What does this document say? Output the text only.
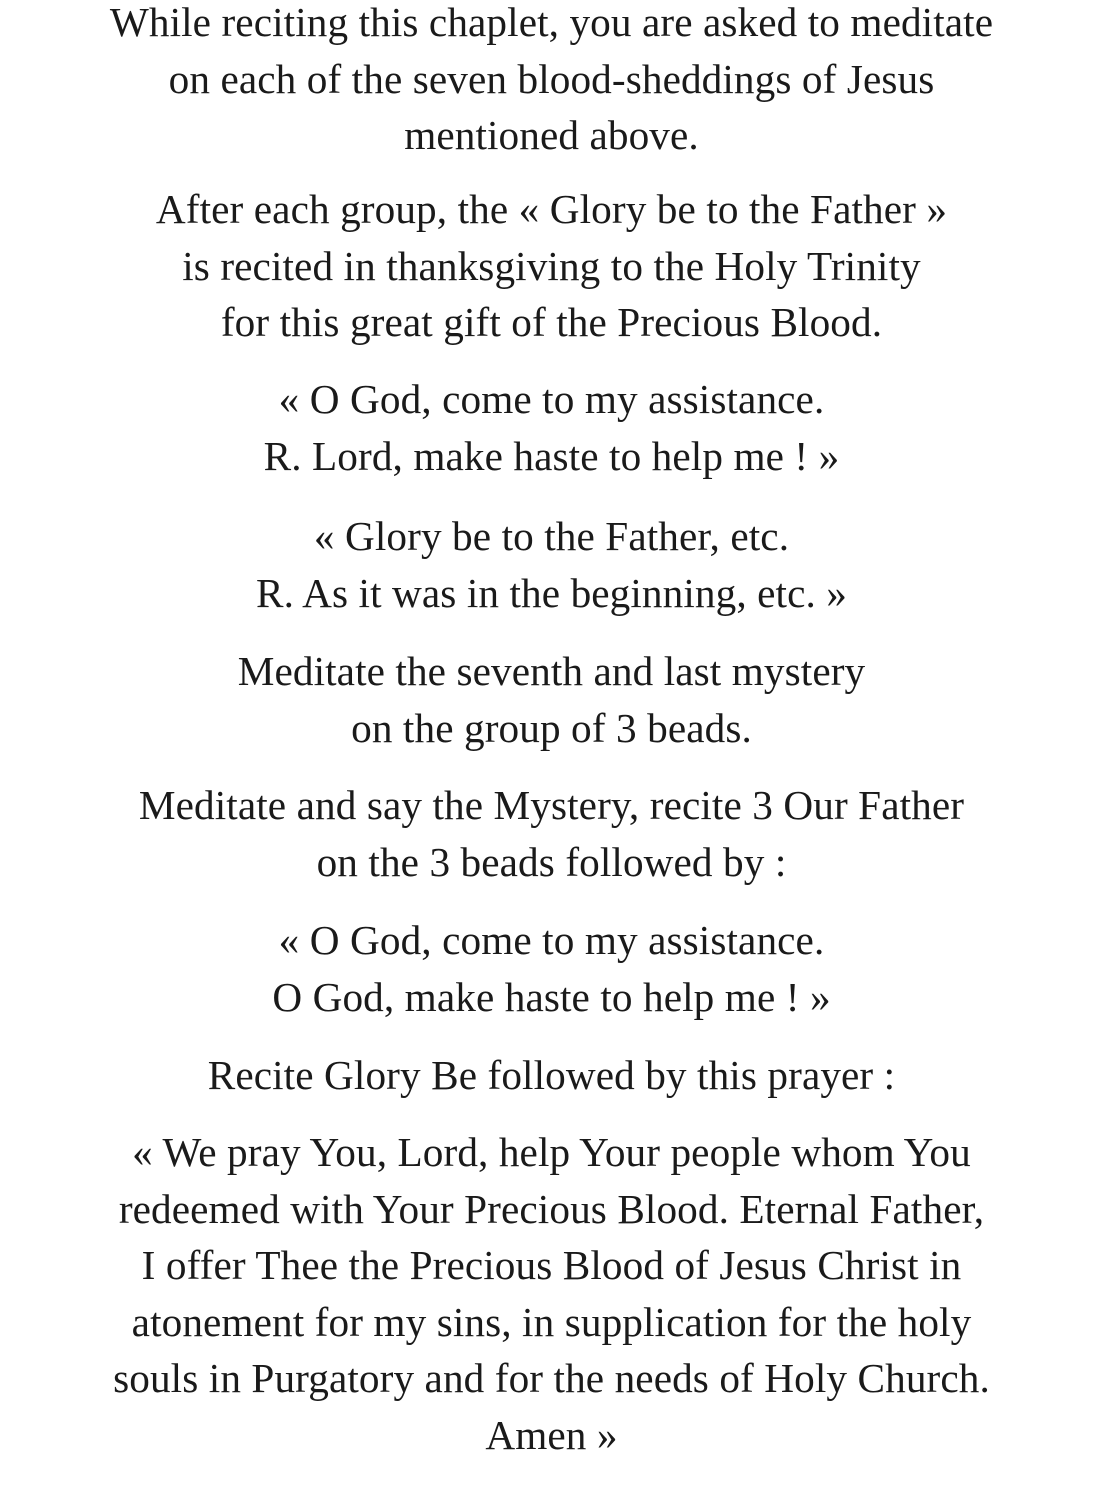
While reciting this chaplet, you are asked to meditate
on each of the seven blood-sheddings of Jesus
mentioned above.
After each group, the « Glory be to the Father »
is recited in thanksgiving to the Holy Trinity
for this great gift of the Precious Blood.
« O God, come to my assistance.
R. Lord, make haste to help me ! »
« Glory be to the Father, etc.
R. As it was in the beginning, etc. »
Meditate the seventh and last mystery
on the group of 3 beads.
Meditate and say the Mystery, recite 3 Our Father
on the 3 beads followed by :
« O God, come to my assistance.
O God, make haste to help me ! »
Recite Glory Be followed by this prayer :
« We pray You, Lord, help Your people whom You
redeemed with Your Precious Blood. Eternal Father,
I offer Thee the Precious Blood of Jesus Christ in
atonement for my sins, in supplication for the holy
souls in Purgatory and for the needs of Holy Church.
Amen »
